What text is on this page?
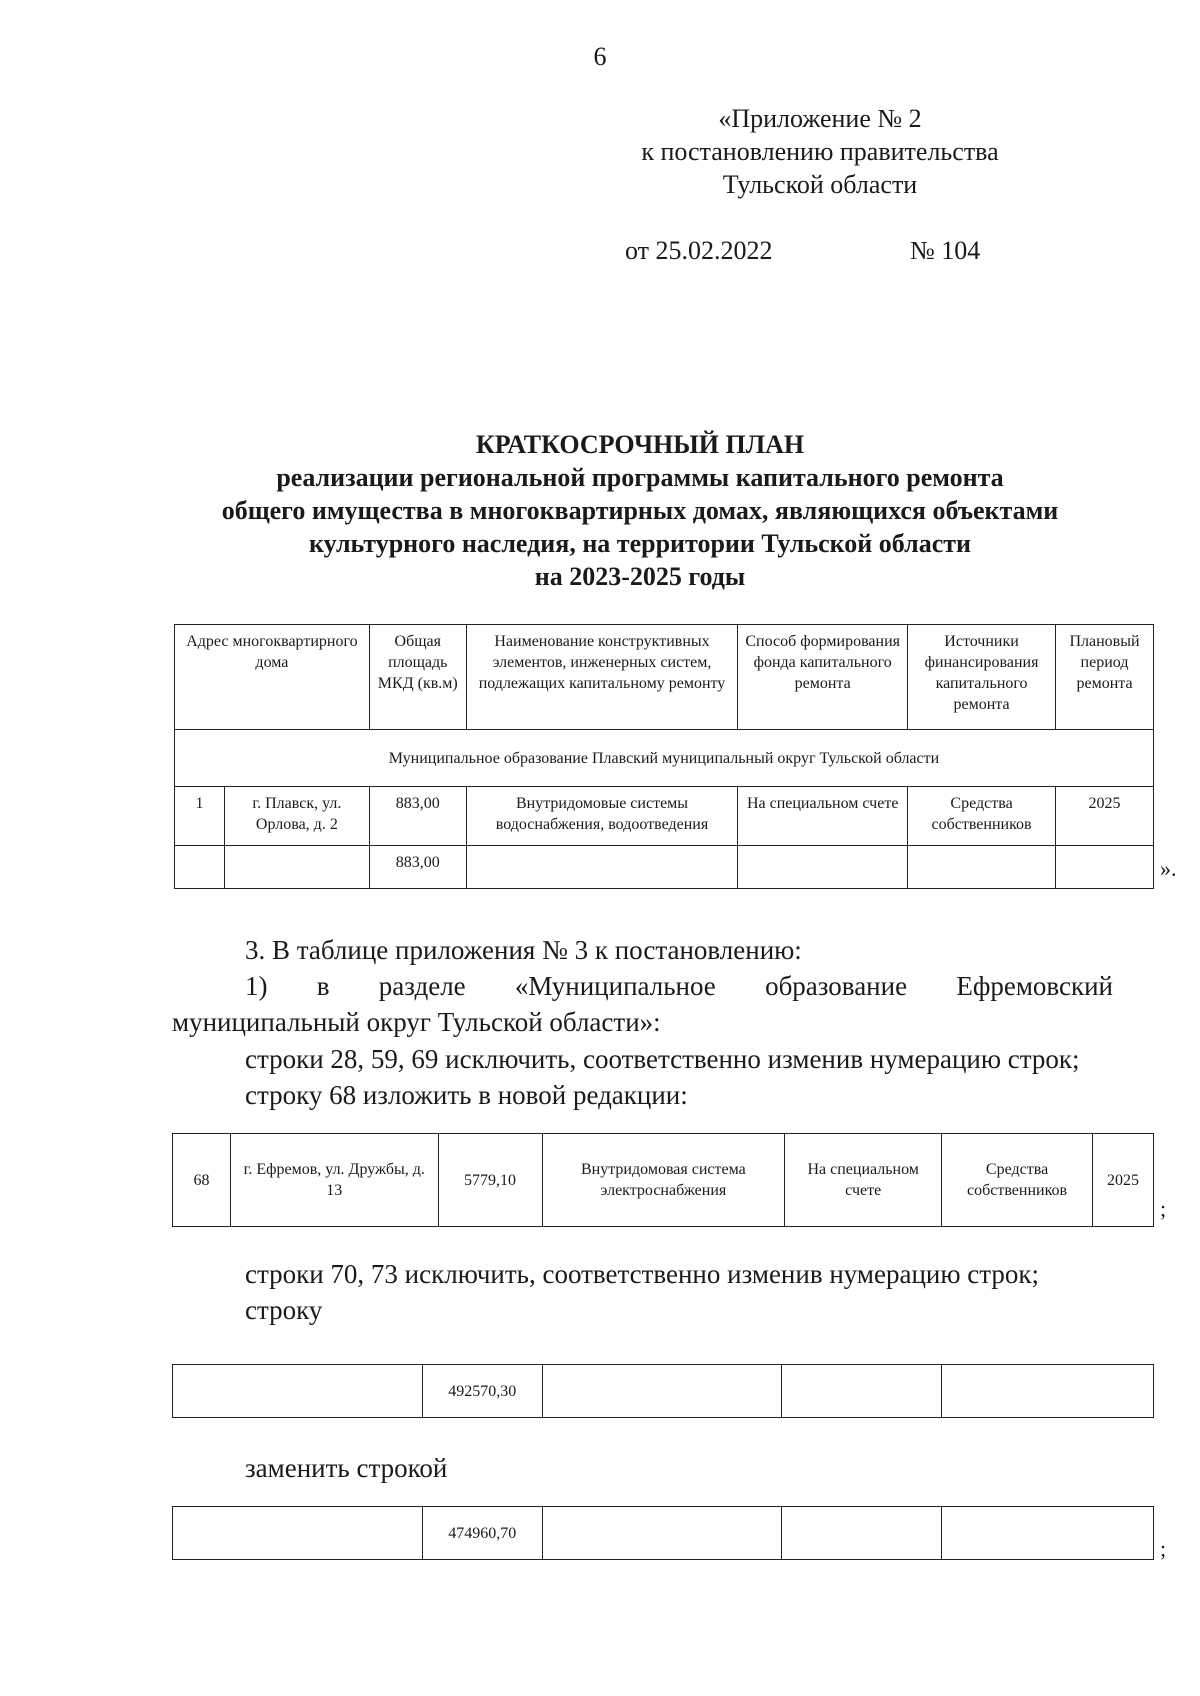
6
«Приложение № 2
к постановлению правительства
Тульской области
от 25.02.2022	№ 104
КРАТКОСРОЧНЫЙ ПЛАН
реализации региональной программы капитального ремонта
общего имущества в многоквартирных домах, являющихся объектами
культурного наследия, на территории Тульской области
на 2023-2025 годы
Адрес многоквартирного дома		Общая площадь МКД (кв.м)	Наименование конструктивных элементов, инженерных систем, подлежащих капитальному ремонту	Способ формирования фонда капитального ремонта	Источники финансирования капитального ремонта	Плановый период ремонта
Муниципальное образование Плавский муниципальный округ Тульской области						
1	г. Плавск, ул. Орлова, д. 2	883,00	Внутридомовые системы водоснабжения, водоотведения	На специальном счете	Средства собственников	2025
		883,00					».
3. В таблице приложения № 3 к постановлению:
1) в разделе «Муниципальное образование Ефремовский
муниципальный округ Тульской области»:
строки 28, 59, 69 исключить, соответственно изменив нумерацию строк;
строку 68 изложить в новой редакции:
68	г. Ефремов, ул. Дружбы, д. 13	5779,10	Внутридомовая система электроснабжения	На специальном счете	Средства собственников	2025
;
строки 70, 73 исключить, соответственно изменив нумерацию строк;
строку
	492570,30			
заменить строкой
	474960,70			
;
